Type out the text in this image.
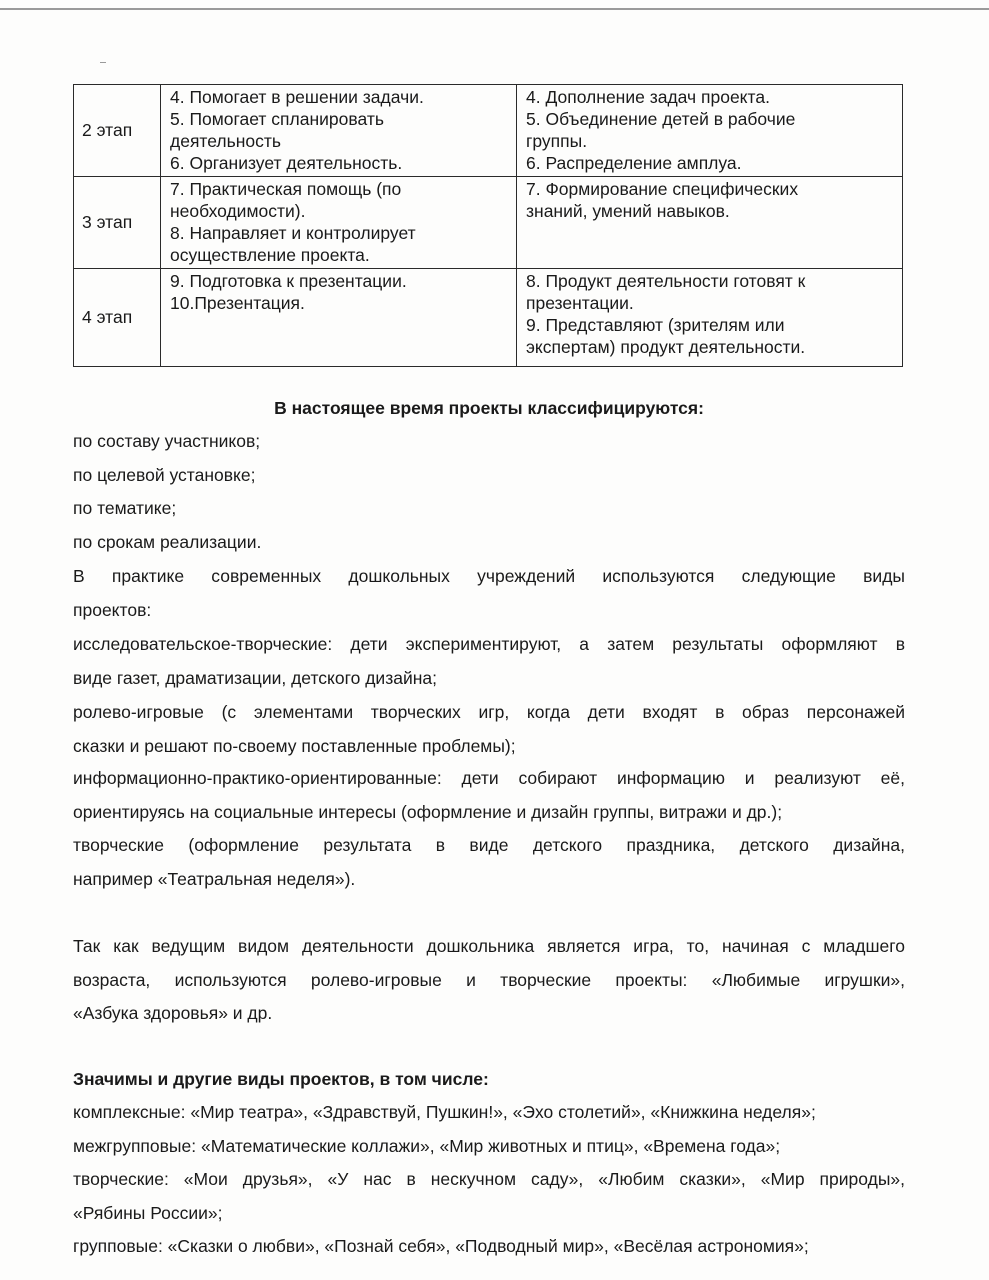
2 этап	4. Помогает в решении задачи.
5. Помогает спланировать
деятельность
6. Организует деятельность.	4. Дополнение задач проекта.
5. Объединение детей в рабочие
группы.
6. Распределение амплуа.

3 этап	7. Практическая помощь (по
необходимости).
8. Направляет и контролирует
осуществление проекта.	7. Формирование специфических
знаний, умений навыков.

4 этап	9. Подготовка к презентации.
10.Презентация.	8. Продукт деятельности готовят к
презентации.
9. Представляют (зрителям или
экспертам) продукт деятельности.
В настоящее время проекты классифицируются:
по составу участников;
по целевой установке;
по тематике;
по срокам реализации.
В практике современных дошкольных учреждений используются следующие виды
проектов:
исследовательское-творческие: дети экспериментируют, а затем результаты оформляют в
виде газет, драматизации, детского дизайна;
ролево-игровые (с элементами творческих игр, когда дети входят в образ персонажей
сказки и решают по-своему поставленные проблемы);
информационно-практико-ориентированные: дети собирают информацию и реализуют её,
ориентируясь на социальные интересы (оформление и дизайн группы, витражи и др.);
творческие (оформление результата в виде детского праздника, детского дизайна,
например «Театральная неделя»).
Так как ведущим видом деятельности дошкольника является игра, то, начиная с младшего
возраста, используются ролево-игровые и творческие проекты: «Любимые игрушки»,
«Азбука здоровья» и др.
Значимы и другие виды проектов, в том числе:
комплексные: «Мир театра», «Здравствуй, Пушкин!», «Эхо столетий», «Книжкина неделя»;
межгрупповые: «Математические коллажи», «Мир животных и птиц», «Времена года»;
творческие: «Мои друзья», «У нас в нескучном саду», «Любим сказки», «Мир природы»,
«Рябины России»;
групповые: «Сказки о любви», «Познай себя», «Подводный мир», «Весёлая астрономия»;
